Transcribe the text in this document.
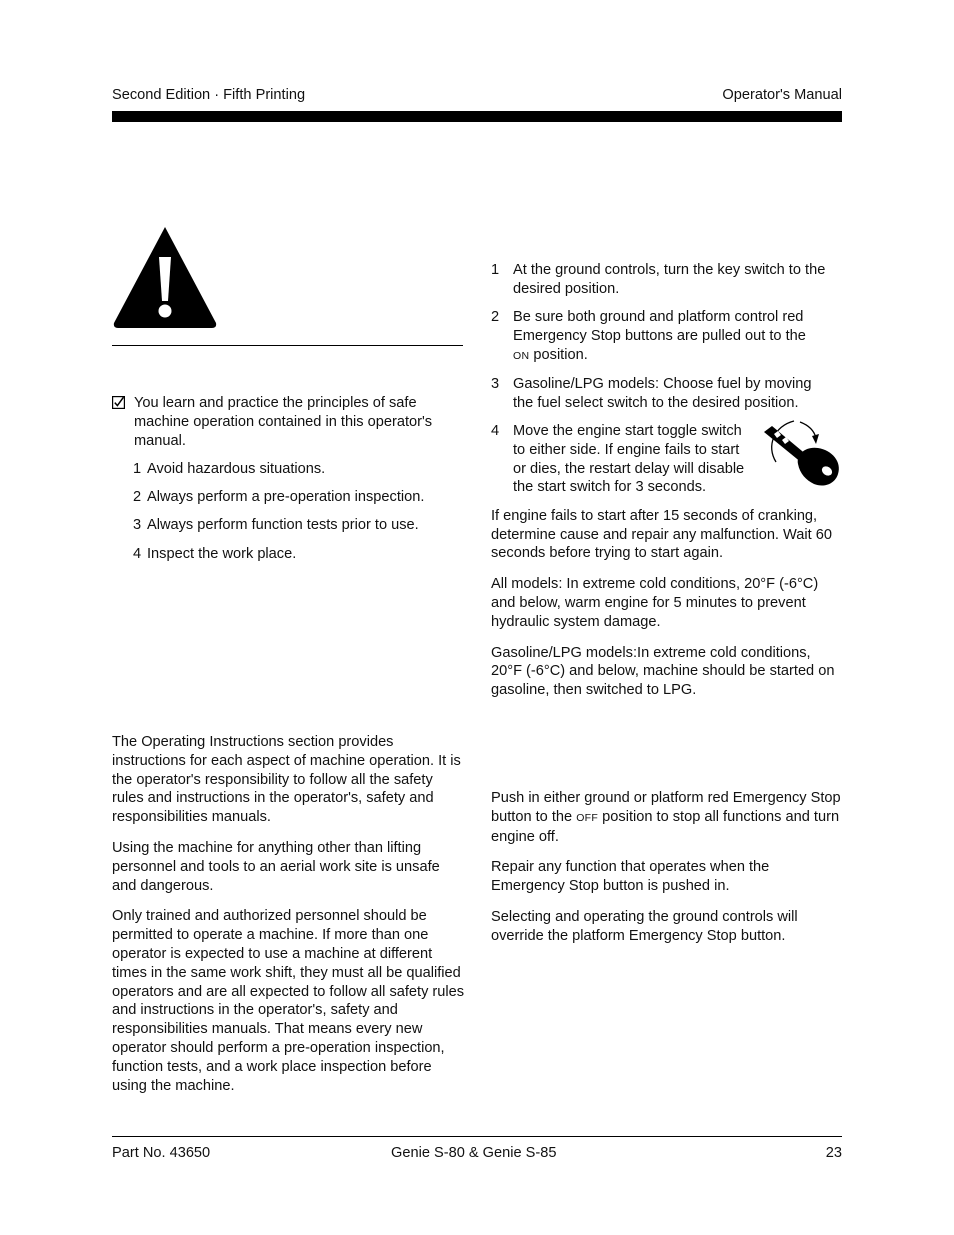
Second Edition · Fifth Printing	Operator's Manual

You learn and practice the principles of safe machine operation contained in this operator's manual.

1 Avoid hazardous situations.
2 Always perform a pre-operation inspection.
3 Always perform function tests prior to use.
4 Inspect the work place.

The Operating Instructions section provides instructions for each aspect of machine operation. It is the operator's responsibility to follow all the safety rules and instructions in the operator's, safety and responsibilities manuals.

Using the machine for anything other than lifting personnel and tools to an aerial work site is unsafe and dangerous.

Only trained and authorized personnel should be permitted to operate a machine. If more than one operator is expected to use a machine at different times in the same work shift, they must all be qualified operators and are all expected to follow all safety rules and instructions in the operator's, safety and responsibilities manuals. That means every new operator should perform a pre-operation inspection, function tests, and a work place inspection before using the machine.

1 At the ground controls, turn the key switch to the desired position.
2 Be sure both ground and platform control red Emergency Stop buttons are pulled out to the
ON position.
3 Gasoline/LPG models: Choose fuel by moving the fuel select switch to the desired position.
4 Move the engine start toggle switch to either side. If engine fails to start or dies, the restart delay will disable the start switch for 3 seconds.

If engine fails to start after 15 seconds of cranking, determine cause and repair any malfunction. Wait 60 seconds before trying to start again.

All models: In extreme cold conditions, 20°F (-6°C) and below, warm engine for 5 minutes to prevent hydraulic system damage.

Gasoline/LPG models:In extreme cold conditions, 20°F (-6°C) and below, machine should be started on gasoline, then switched to LPG.

Push in either ground or platform red Emergency Stop button to the OFF position to stop all functions and turn engine off.

Repair any function that operates when the Emergency Stop button is pushed in.

Selecting and operating the ground controls will override the platform Emergency Stop button.

Part No. 43650	Genie S-80 & Genie S-85	23
